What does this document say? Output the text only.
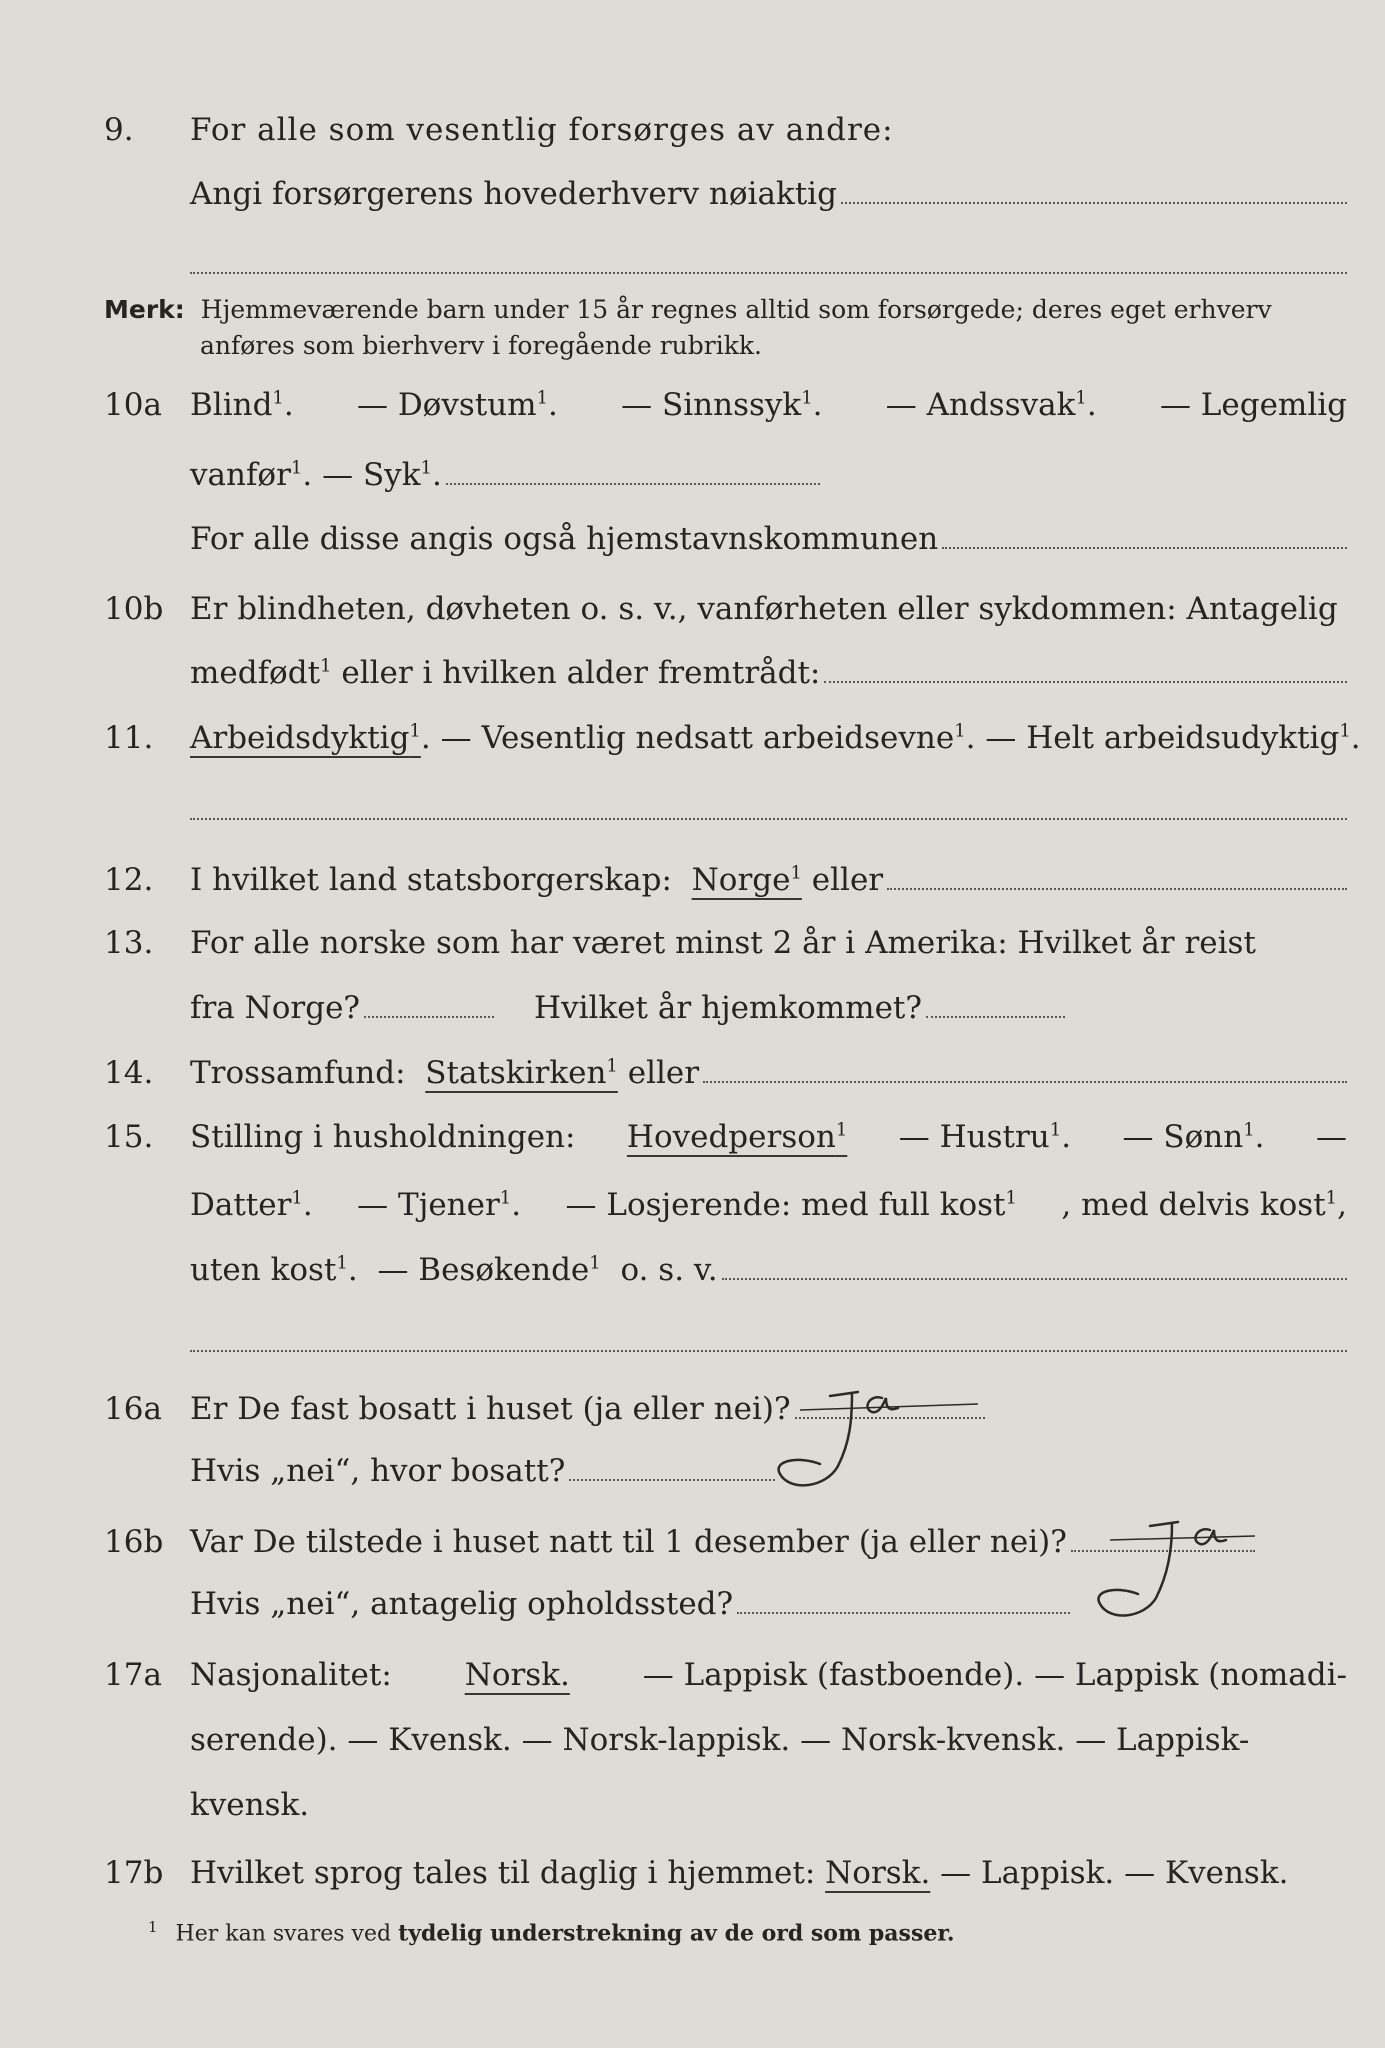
9. For alle som vesentlig forsørges av andre:
Angi forsørgerens hovederhverv nøiaktig
Merk: Hjemmeværende barn under 15 år regnes alltid som forsørgede; deres eget erhverv
anføres som bierhverv i foregående rubrikk.
10a Blind$^1$. — Døvstum$^1$. — Sinnssyk$^1$. — Andssvak$^1$. — Legemlig
vanfør$^1$.
— Syk$^1$.
For alle disse angis også hjemstavnskommunen
10b Er blindheten, døvheten o. s. v., vanførheten eller sykdommen: Antagelig
medfødt$^1$
eller i hvilken alder fremtrådt:
11. Arbeidsdyktig$^1$. — Vesentlig nedsatt arbeidsevne$^1$. — Helt arbeidsudyktig$^1$.
12. I hvilket land statsborgerskap:
Norge$^1$
eller
13. For alle norske som har været minst 2 år i Amerika: Hvilket år reist
fra Norge?	Hvilket år hjemkommet?
14. Trossamfund:
Statskirken$^1$
eller
15. Stilling i husholdningen: Hovedperson$^1$ — Hustru$^1$. — Sønn$^1$. —
Datter$^1$. — Tjener$^1$. — Losjerende: med full kost$^1$ , med delvis kost$^1$,
uten kost$^1$.
— Besøkende$^1$
o. s. v.
16a Er De fast bosatt i huset (ja eller nei)?
Hvis „nei“, hvor bosatt?
16b Var De tilstede i huset natt til 1 desember (ja eller nei)?
Hvis „nei“, antagelig opholdssted?
17a Nasjonalitet: Norsk. — Lappisk (fastboende). — Lappisk (nomadi-
serende). — Kvensk. — Norsk-lappisk. — Norsk-kvensk. — Lappisk-
kvensk.
17b Hvilket sprog tales til daglig i hjemmet: Norsk. — Lappisk. — Kvensk.
$^1$ Her kan svares ved tydelig understrekning av de ord som passer.
